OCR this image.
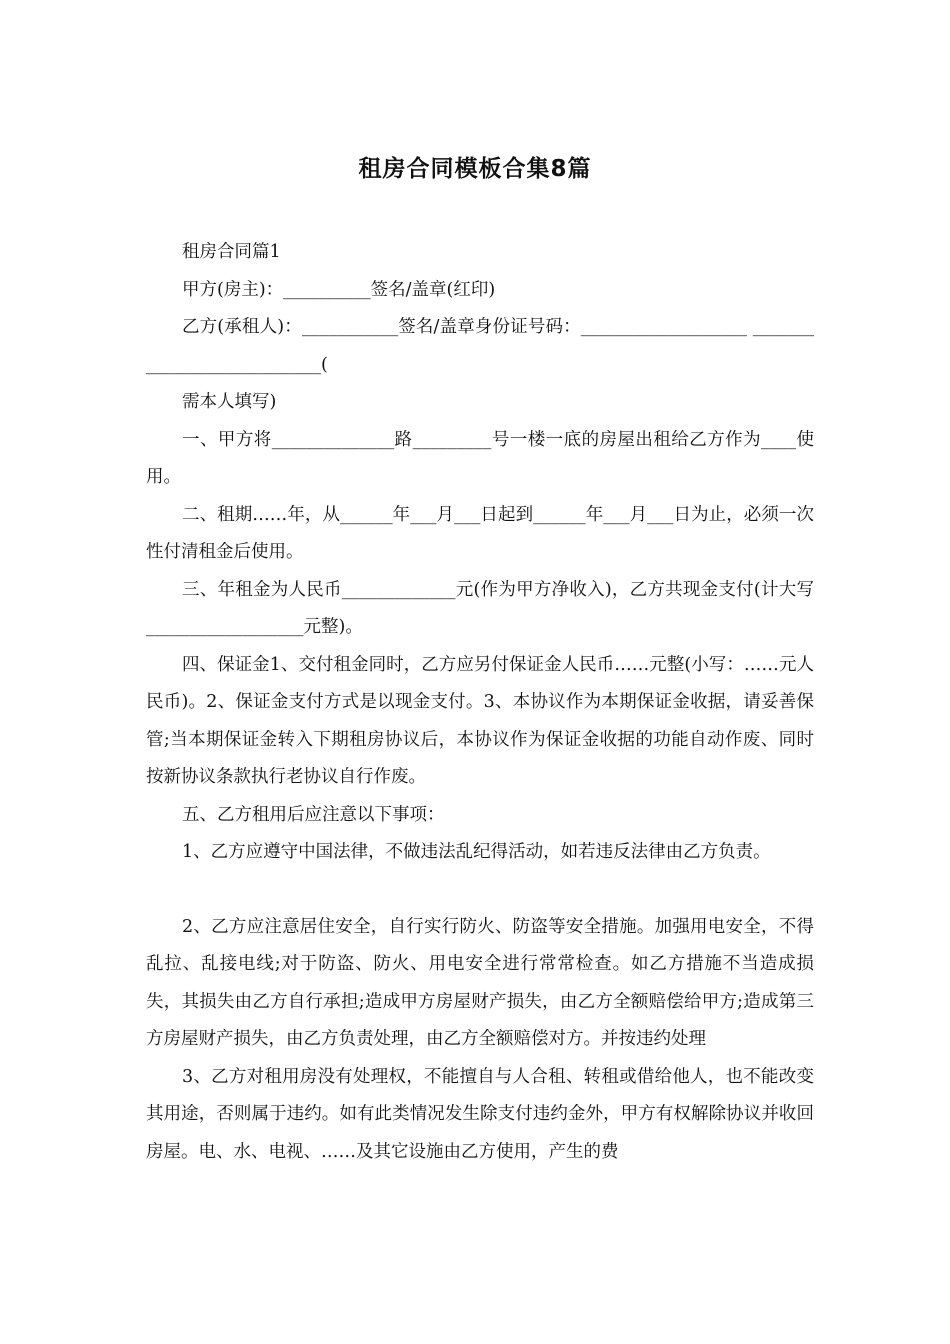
租房合同模板合集8篇

租房合同篇1

甲方(房主)：__________签名/盖章(红印)

乙方(承租人)：___________签名/盖章身份证号码：___________________ ___________________________(

需本人填写)

一、甲方将______________路_________号一楼一底的房屋出租给乙方作为____使用。

二、租期……年，从______年___月___日起到______年___月___日为止，必须一次性付清租金后使用。

三、年租金为人民币_____________元(作为甲方净收入)，乙方共现金支付(计大写__________________元整)。

四、保证金1、交付租金同时，乙方应另付保证金人民币……元整(小写：……元人民币)。2、保证金支付方式是以现金支付。3、本协议作为本期保证金收据，请妥善保管;当本期保证金转入下期租房协议后，本协议作为保证金收据的功能自动作废、同时按新协议条款执行老协议自行作废。

五、乙方租用后应注意以下事项：

1、乙方应遵守中国法律，不做违法乱纪得活动，如若违反法律由乙方负责。

2、乙方应注意居住安全，自行实行防火、防盗等安全措施。加强用电安全，不得乱拉、乱接电线;对于防盗、防火、用电安全进行常常检查。如乙方措施不当造成损失，其损失由乙方自行承担;造成甲方房屋财产损失，由乙方全额赔偿给甲方;造成第三方房屋财产损失，由乙方负责处理，由乙方全额赔偿对方。并按违约处理

3、乙方对租用房没有处理权，不能擅自与人合租、转租或借给他人，也不能改变其用途，否则属于违约。如有此类情况发生除支付违约金外，甲方有权解除协议并收回房屋。电、水、电视、……及其它设施由乙方使用，产生的费
